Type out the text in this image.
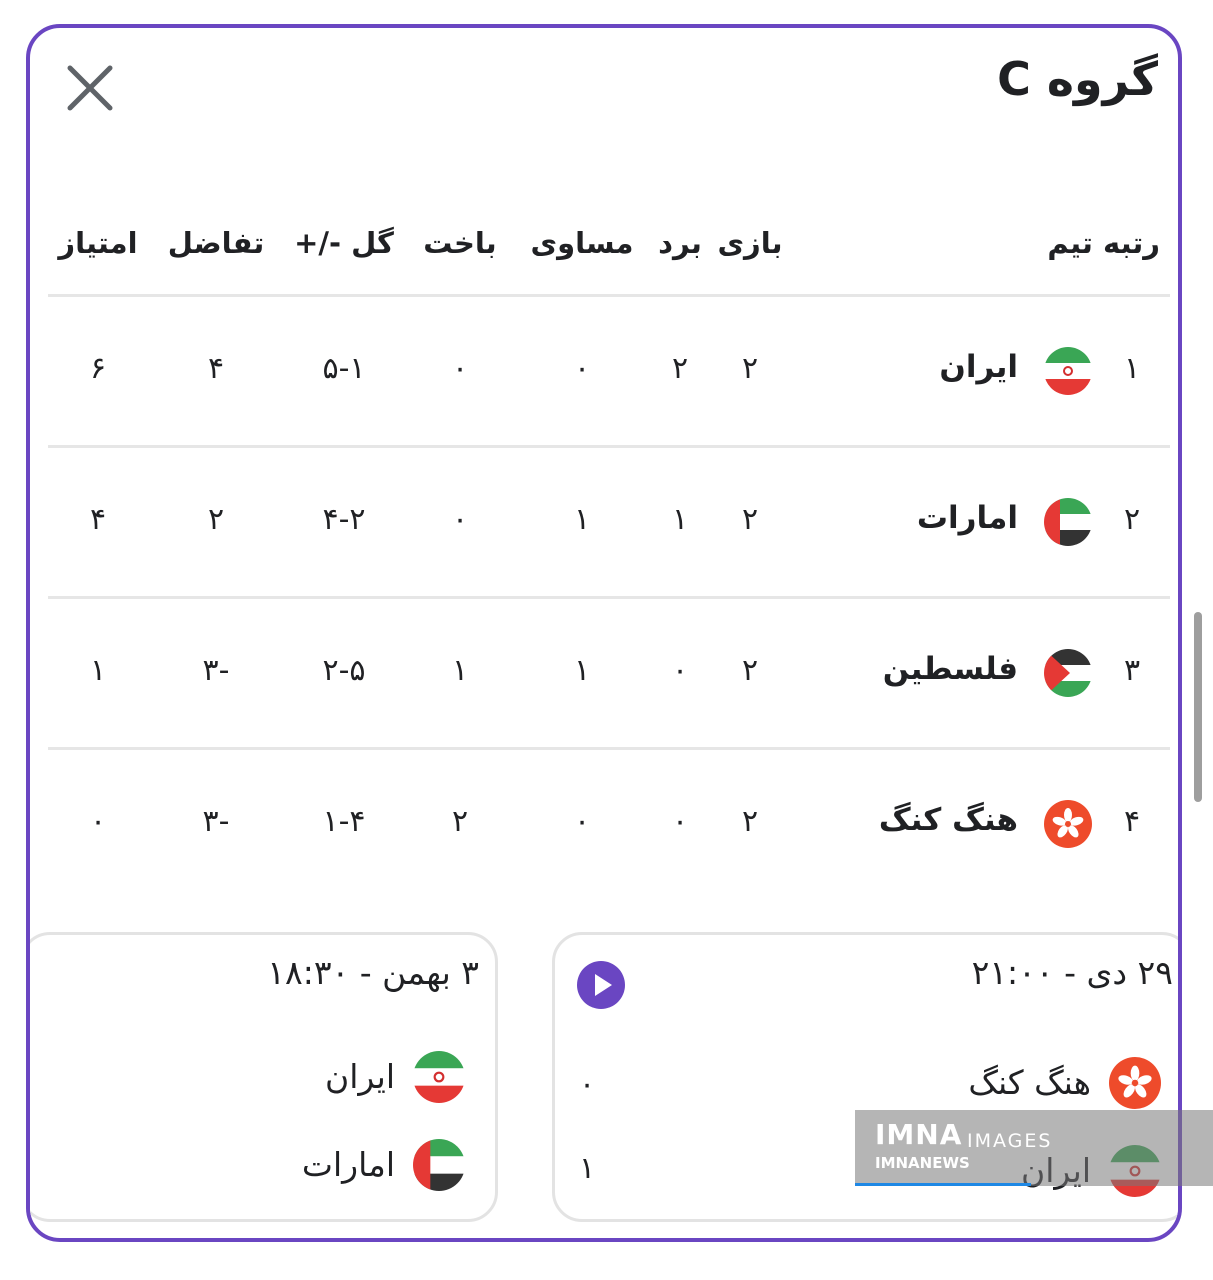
گروه C
رتبه تیم
بازی
برد
مساوی
باخت
گل -/+
تفاضل
امتیاز
۱
ایران
۲
۲
۰
۰
۵-۱
۴
۶
۲
امارات
۲
۱
۱
۰
۴-۲
۲
۴
۳
فلسطین
۲
۰
۱
۱
۲-۵
-۳
۱
۴
هنگ کنگ
۲
۰
۰
۲
۱-۴
-۳
۰
۲۹ دی - ۲۱:۰۰
هنگ کنگ
۰
۱
۳ بهمن - ۱۸:۳۰
ایران
امارات
IMNA IMAGES
IMNANEWS
